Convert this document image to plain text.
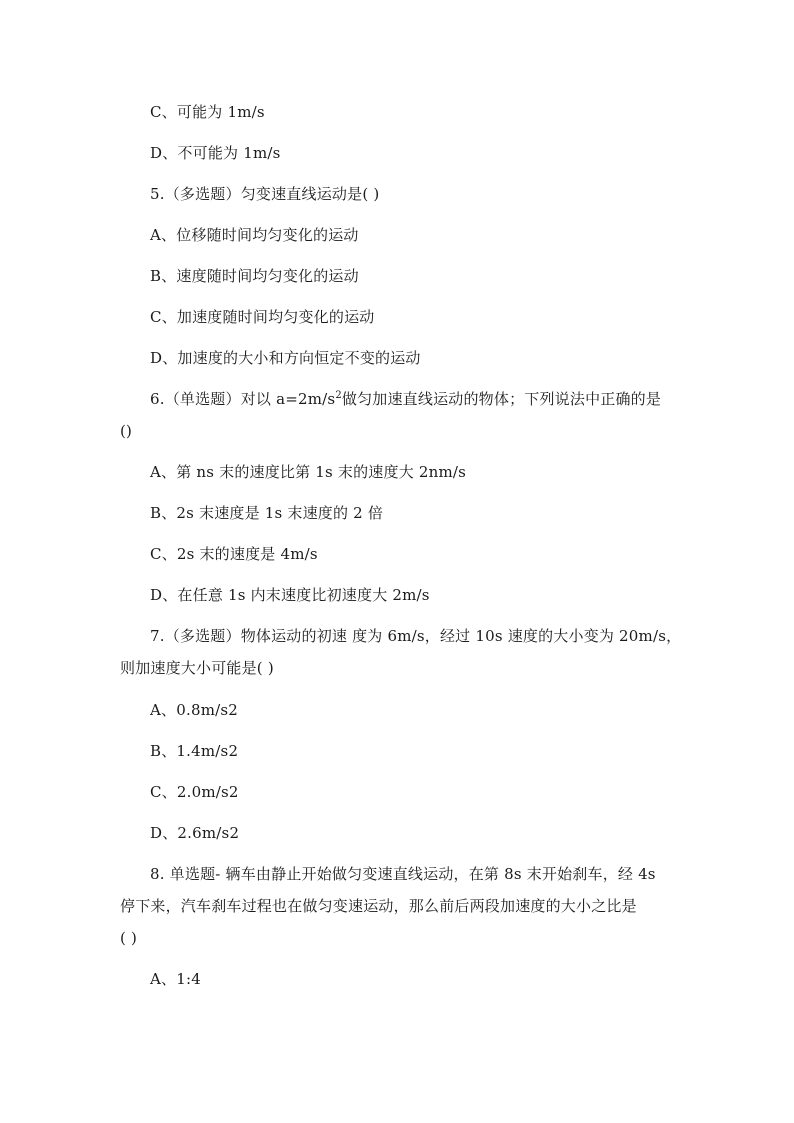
C、可能为 1m/s
D、不可能为 1m/s
5.（多选题）匀变速直线运动是( )
A、位移随时间均匀变化的运动
B、速度随时间均匀变化的运动
C、加速度随时间均匀变化的运动
D、加速度的大小和方向恒定不变的运动
6.（单选题）对以 $a=2m/s^2$做匀加速直线运动的物体；下列说法中正确的是
()
A、第 ns 末的速度比第 1s 末的速度大 2nm/s
B、2s 末速度是 1s 末速度的 2 倍
C、2s 末的速度是 4m/s
D、在任意 1s 内末速度比初速度大 2m/s
7.（多选题）物体运动的初速 度为 6m/s，经过 10s 速度的大小变为 20m/s，
则加速度大小可能是( )
A、0.8m/s2
B、1.4m/s2
C、2.0m/s2
D、2.6m/s2
8. 单选题- 辆车由静止开始做匀变速直线运动，在第 8s 末开始刹车，经 4s
停下来，汽车刹车过程也在做匀变速运动，那么前后两段加速度的大小之比是
( )
A、1:4
